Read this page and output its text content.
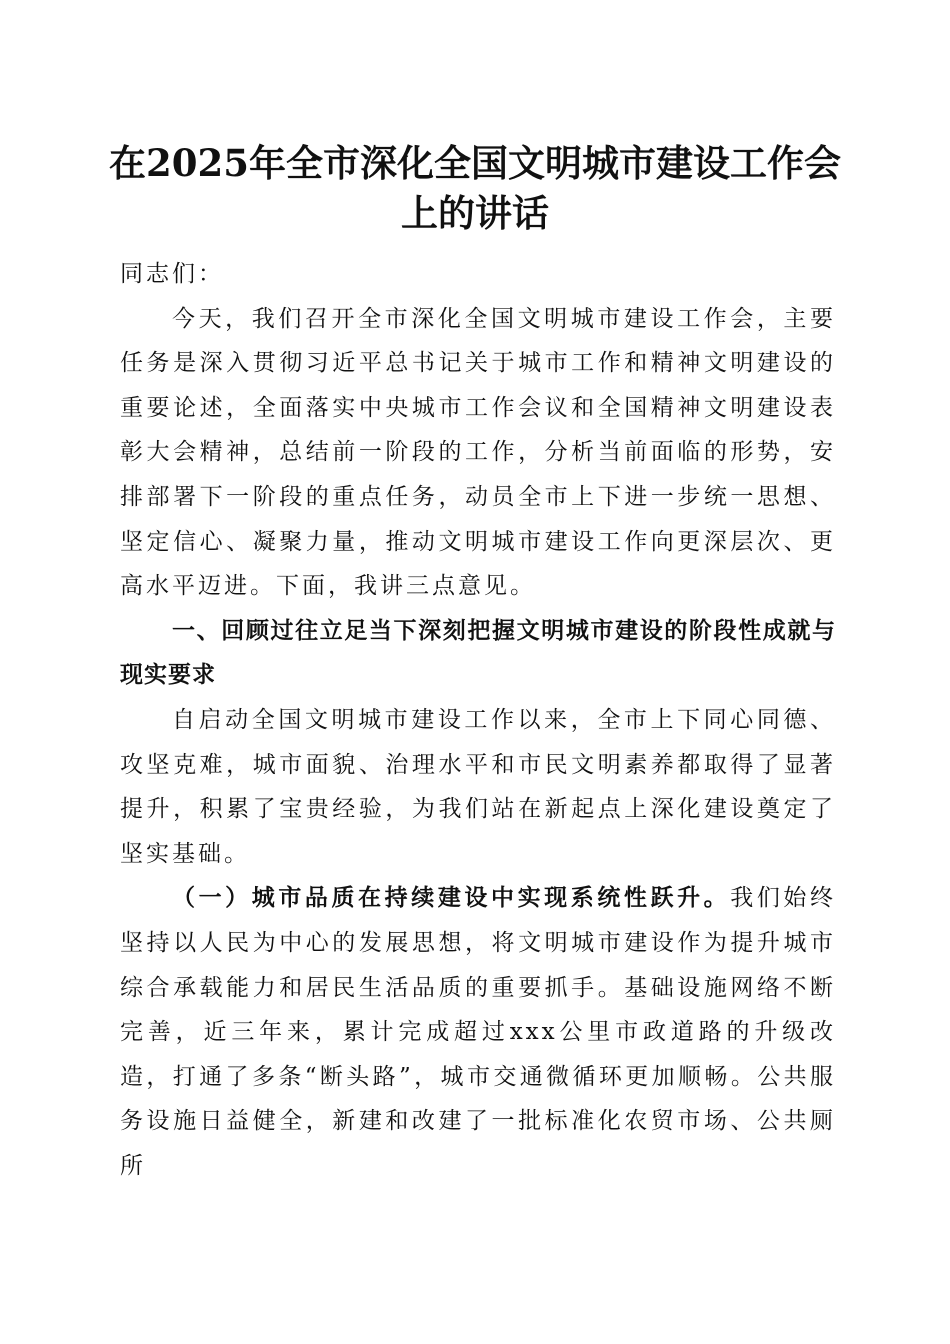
在2025年全市深化全国文明城市建设工作会
上的讲话

同志们：

今天，我们召开全市深化全国文明城市建设工作会，主要任务是深入贯彻习近平总书记关于城市工作和精神文明建设的重要论述，全面落实中央城市工作会议和全国精神文明建设表彰大会精神，总结前一阶段的工作，分析当前面临的形势，安排部署下一阶段的重点任务，动员全市上下进一步统一思想、坚定信心、凝聚力量，推动文明城市建设工作向更深层次、更高水平迈进。下面，我讲三点意见。

一、回顾过往立足当下深刻把握文明城市建设的阶段性成就与现实要求

自启动全国文明城市建设工作以来，全市上下同心同德、攻坚克难，城市面貌、治理水平和市民文明素养都取得了显著提升，积累了宝贵经验，为我们站在新起点上深化建设奠定了坚实基础。

（一）城市品质在持续建设中实现系统性跃升。我们始终坚持以人民为中心的发展思想，将文明城市建设作为提升城市综合承载能力和居民生活品质的重要抓手。基础设施网络不断完善，近三年来，累计完成超过xxx公里市政道路的升级改造，打通了多条“断头路”，城市交通微循环更加顺畅。公共服务设施日益健全，新建和改建了一批标准化农贸市场、公共厕所
